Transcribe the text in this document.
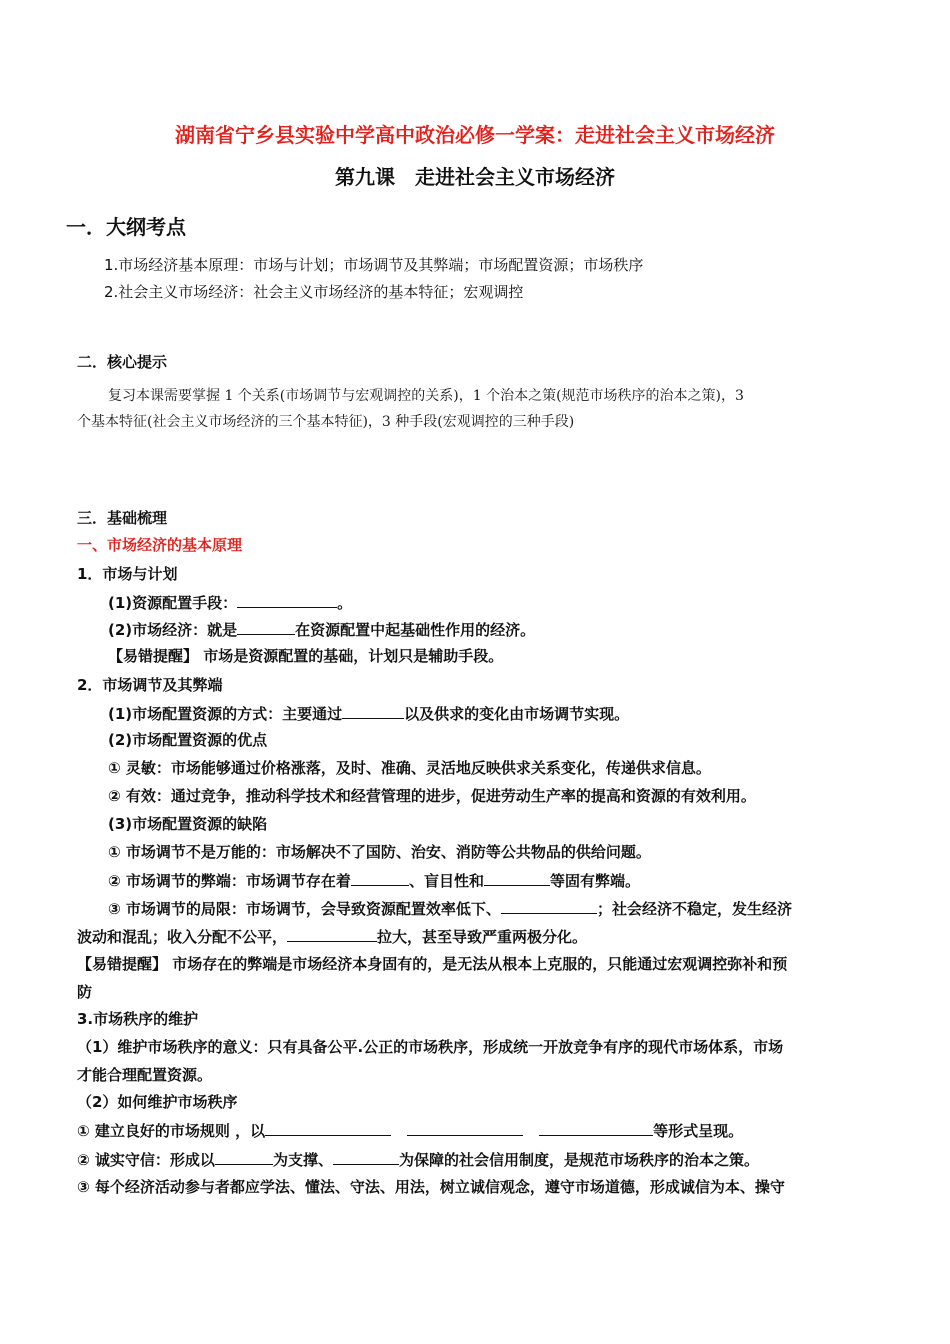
湖南省宁乡县实验中学高中政治必修一学案：走进社会主义市场经济
第九课　走进社会主义市场经济
一．大纲考点
1.市场经济基本原理：市场与计划；市场调节及其弊端；市场配置资源；市场秩序
2.社会主义市场经济：社会主义市场经济的基本特征；宏观调控
二．核心提示
复习本课需要掌握 1 个关系(市场调节与宏观调控的关系)，1 个治本之策(规范市场秩序的治本之策)，3
个基本特征(社会主义市场经济的三个基本特征)，3 种手段(宏观调控的三种手段)
三．基础梳理
一、市场经济的基本原理
1．市场与计划
(1)资源配置手段：	。
(2)市场经济：就是	在资源配置中起基础性作用的经济。
【易错提醒】 市场是资源配置的基础，计划只是辅助手段。
2．市场调节及其弊端
(1)市场配置资源的方式：主要通过	以及供求的变化由市场调节实现。
(2)市场配置资源的优点
① 灵敏：市场能够通过价格涨落，及时、准确、灵活地反映供求关系变化，传递供求信息。
② 有效：通过竞争，推动科学技术和经营管理的进步，促进劳动生产率的提高和资源的有效利用。
(3)市场配置资源的缺陷
① 市场调节不是万能的：市场解决不了国防、治安、消防等公共物品的供给问题。
② 市场调节的弊端：市场调节存在着	、盲目性和	等固有弊端。
③ 市场调节的局限：市场调节，会导致资源配置效率低下、	；社会经济不稳定，发生经济
波动和混乱；收入分配不公平，	拉大，甚至导致严重两极分化。
【易错提醒】 市场存在的弊端是市场经济本身固有的，是无法从根本上克服的，只能通过宏观调控弥补和预
防
3.市场秩序的维护
（1）维护市场秩序的意义：只有具备公平.公正的市场秩序，形成统一开放竞争有序的现代市场体系，市场
才能合理配置资源。
（2）如何维护市场秩序
① 建立良好的市场规则 ，以	等形式呈现。
② 诚实守信：形成以	为支撑、	为保障的社会信用制度，是规范市场秩序的治本之策。
③ 每个经济活动参与者都应学法、懂法、守法、用法，树立诚信观念，遵守市场道德，形成诚信为本、操守
